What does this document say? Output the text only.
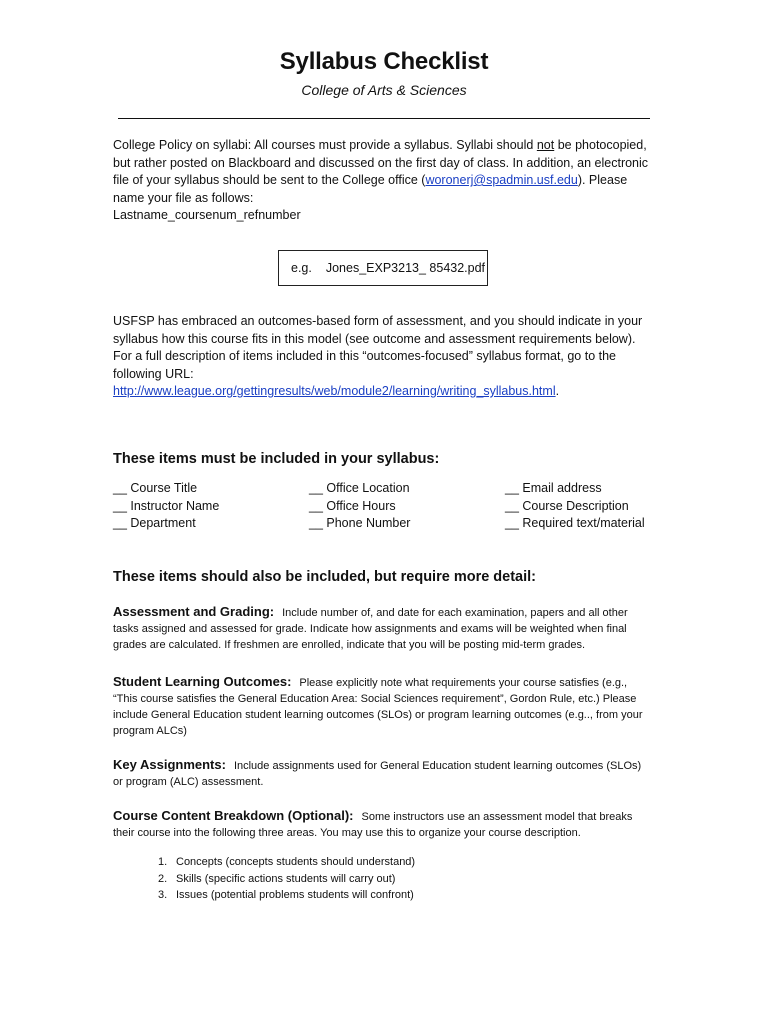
Syllabus Checklist
College of Arts & Sciences
College Policy on syllabi: All courses must provide a syllabus. Syllabi should not be photocopied, but rather posted on Blackboard and discussed on the first day of class. In addition, an electronic file of your syllabus should be sent to the College office (woronerj@spadmin.usf.edu). Please name your file as follows:
Lastname_coursenum_refnumber
e.g. Jones_EXP3213_ 85432.pdf
USFSP has embraced an outcomes-based form of assessment, and you should indicate in your syllabus how this course fits in this model (see outcome and assessment requirements below). For a full description of items included in this “outcomes-focused” syllabus format, go to the following URL:
http://www.league.org/gettingresults/web/module2/learning/writing_syllabus.html.
These items must be included in your syllabus:
__ Course Title
__ Instructor Name
__ Department
__ Office Location
__ Office Hours
__ Phone Number
__ Email address
__ Course Description
__ Required text/material
These items should also be included, but require more detail:
Assessment and Grading: Include number of, and date for each examination, papers and all other tasks assigned and assessed for grade. Indicate how assignments and exams will be weighted when final grades are calculated. If freshmen are enrolled, indicate that you will be posting mid-term grades.
Student Learning Outcomes: Please explicitly note what requirements your course satisfies (e.g., “This course satisfies the General Education Area: Social Sciences requirement”, Gordon Rule, etc.) Please include General Education student learning outcomes (SLOs) or program learning outcomes (e.g.., from your program ALCs)
Key Assignments: Include assignments used for General Education student learning outcomes (SLOs) or program (ALC) assessment.
Course Content Breakdown (Optional): Some instructors use an assessment model that breaks their course into the following three areas. You may use this to organize your course description.
1. Concepts (concepts students should understand)
2. Skills (specific actions students will carry out)
3. Issues (potential problems students will confront)
